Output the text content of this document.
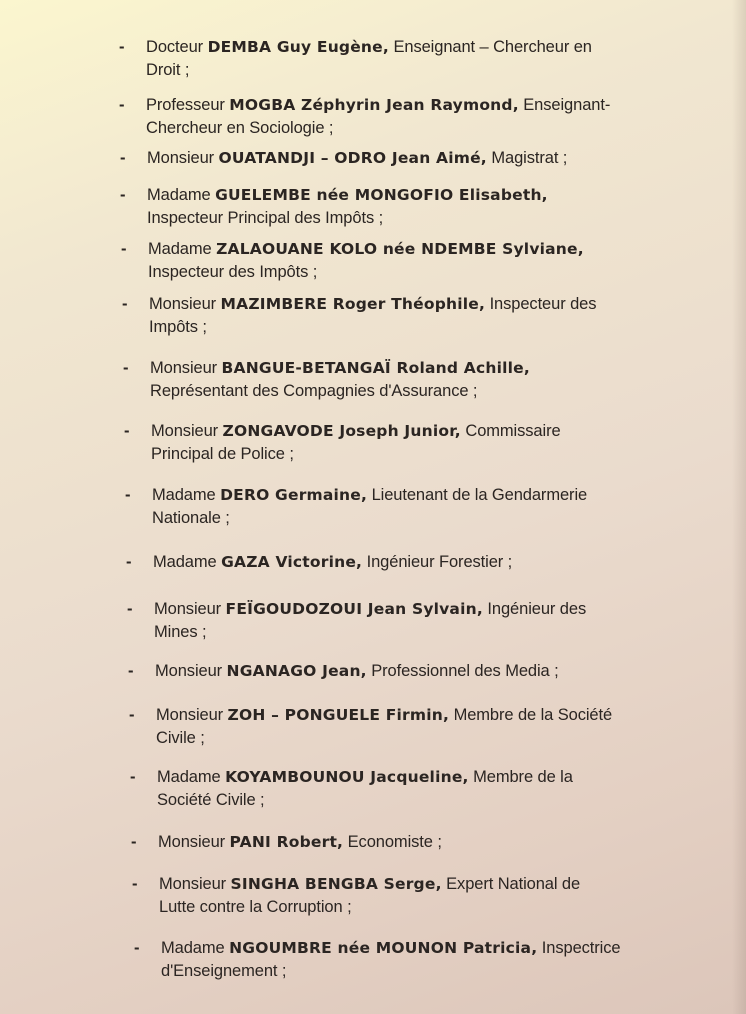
- Docteur DEMBA Guy Eugène, Enseignant – Chercheur en
Droit ;
- Professeur MOGBA Zéphyrin Jean Raymond, Enseignant-
Chercheur en Sociologie ;
- Monsieur OUATANDJI – ODRO Jean Aimé, Magistrat ;
- Madame GUELEMBE née MONGOFIO Elisabeth,
Inspecteur Principal des Impôts ;
- Madame ZALAOUANE KOLO née NDEMBE Sylviane,
Inspecteur des Impôts ;
- Monsieur MAZIMBERE Roger Théophile, Inspecteur des
Impôts ;
- Monsieur BANGUE-BETANGAÏ Roland Achille,
Représentant des Compagnies d'Assurance ;
- Monsieur ZONGAVODE Joseph Junior, Commissaire
Principal de Police ;
- Madame DERO Germaine, Lieutenant de la Gendarmerie
Nationale ;
- Madame GAZA Victorine, Ingénieur Forestier ;
- Monsieur FEÏGOUDOZOUI Jean Sylvain, Ingénieur des
Mines ;
- Monsieur NGANAGO Jean, Professionnel des Media ;
- Monsieur ZOH – PONGUELE Firmin, Membre de la Société
Civile ;
- Madame KOYAMBOUNOU Jacqueline, Membre de la
Société Civile ;
- Monsieur PANI Robert, Economiste ;
- Monsieur SINGHA BENGBA Serge, Expert National de
Lutte contre la Corruption ;
- Madame NGOUMBRE née MOUNON Patricia, Inspectrice
d'Enseignement ;
